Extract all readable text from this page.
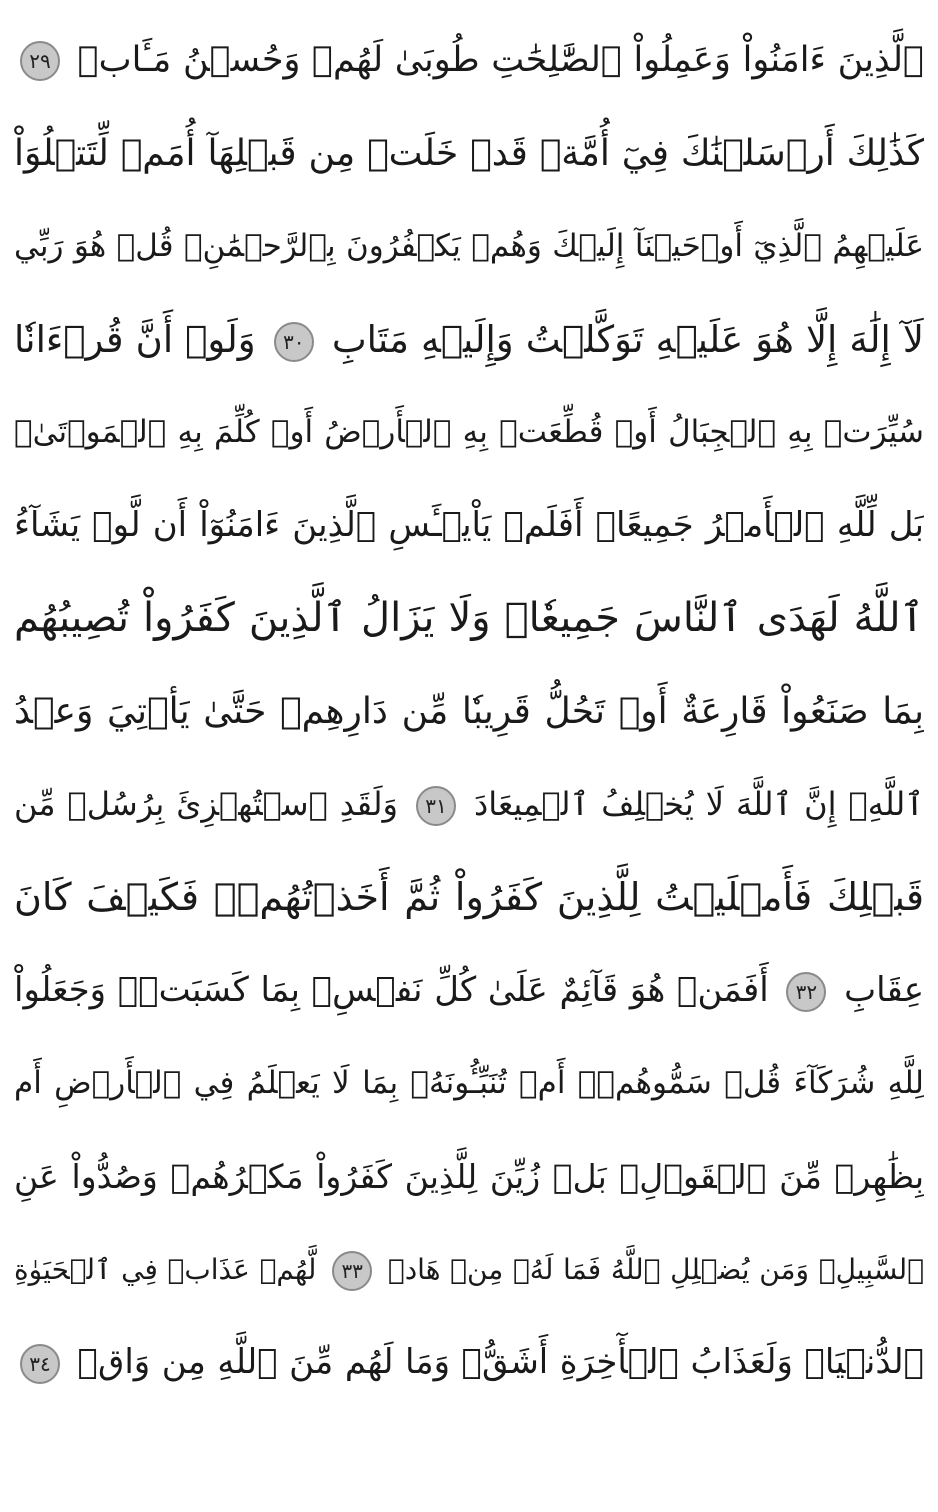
ٱلَّذِينَ ءَامَنُواْ وَعَمِلُواْ ٱلصَّٰلِحَٰتِ طُوبَىٰ لَهُمۡ وَحُسۡنُ مَـَٔابٖ ٢٩
كَذَٰلِكَ أَرۡسَلۡنَٰكَ فِيٓ أُمَّةٖ قَدۡ خَلَتۡ مِن قَبۡلِهَآ أُمَمٞ لِّتَتۡلُوَاْ
عَلَيۡهِمُ ٱلَّذِيٓ أَوۡحَيۡنَآ إِلَيۡكَ وَهُمۡ يَكۡفُرُونَ بِٱلرَّحۡمَٰنِۚ قُلۡ هُوَ رَبِّي
لَآ إِلَٰهَ إِلَّا هُوَ عَلَيۡهِ تَوَكَّلۡتُ وَإِلَيۡهِ مَتَابِ ٣٠ وَلَوۡ أَنَّ قُرۡءَانٗا
سُيِّرَتۡ بِهِ ٱلۡجِبَالُ أَوۡ قُطِّعَتۡ بِهِ ٱلۡأَرۡضُ أَوۡ كُلِّمَ بِهِ ٱلۡمَوۡتَىٰۗ
بَل لِّلَّهِ ٱلۡأَمۡرُ جَمِيعًاۗ أَفَلَمۡ يَاْيۡـَٔسِ ٱلَّذِينَ ءَامَنُوٓاْ أَن لَّوۡ يَشَآءُ
ٱللَّهُ لَهَدَى ٱلنَّاسَ جَمِيعٗاۗ وَلَا يَزَالُ ٱلَّذِينَ كَفَرُواْ تُصِيبُهُم
بِمَا صَنَعُواْ قَارِعَةٌ أَوۡ تَحُلُّ قَرِيبٗا مِّن دَارِهِمۡ حَتَّىٰ يَأۡتِيَ وَعۡدُ
ٱللَّهِۚ إِنَّ ٱللَّهَ لَا يُخۡلِفُ ٱلۡمِيعَادَ ٣١ وَلَقَدِ ٱسۡتُهۡزِئَ بِرُسُلٖ مِّن
قَبۡلِكَ فَأَمۡلَيۡتُ لِلَّذِينَ كَفَرُواْ ثُمَّ أَخَذۡتُهُمۡۖ فَكَيۡفَ كَانَ
عِقَابِ ٣٢ أَفَمَنۡ هُوَ قَآئِمٌ عَلَىٰ كُلِّ نَفۡسِۢ بِمَا كَسَبَتۡۗ وَجَعَلُواْ
لِلَّهِ شُرَكَآءَ قُلۡ سَمُّوهُمۡۚ أَمۡ تُنَبِّـُٔونَهُۥ بِمَا لَا يَعۡلَمُ فِي ٱلۡأَرۡضِ أَم
بِظَٰهِرٖ مِّنَ ٱلۡقَوۡلِۗ بَلۡ زُيِّنَ لِلَّذِينَ كَفَرُواْ مَكۡرُهُمۡ وَصُدُّواْ عَنِ
ٱلسَّبِيلِۗ وَمَن يُضۡلِلِ ٱللَّهُ فَمَا لَهُۥ مِنۡ هَادٖ ٣٣ لَّهُمۡ عَذَابٞ فِي ٱلۡحَيَوٰةِ
ٱلدُّنۡيَاۖ وَلَعَذَابُ ٱلۡأٓخِرَةِ أَشَقُّۖ وَمَا لَهُم مِّنَ ٱللَّهِ مِن وَاقٖ ٣٤
